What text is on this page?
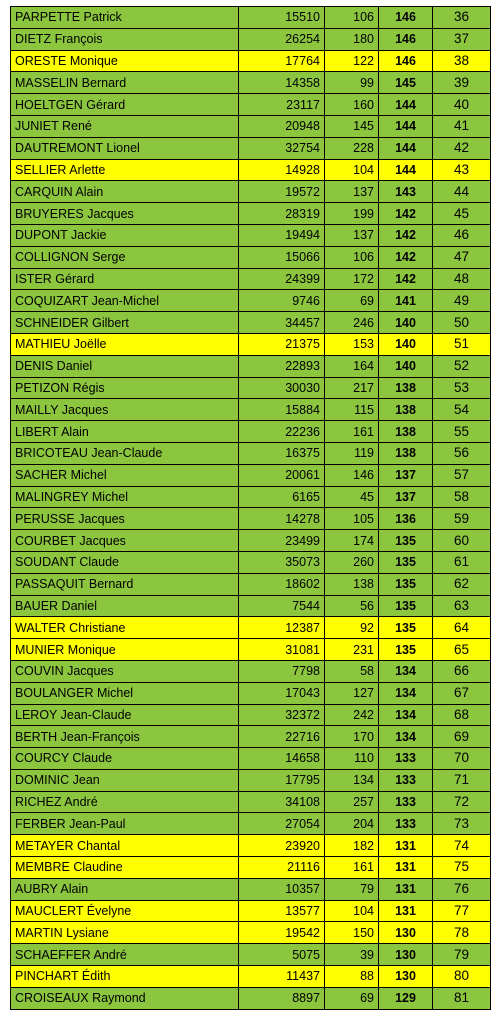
PARPETTE Patrick	15510	106	146	36
DIETZ François	26254	180	146	37
ORESTE Monique	17764	122	146	38
MASSELIN Bernard	14358	99	145	39
HOELTGEN Gérard	23117	160	144	40
JUNIET René	20948	145	144	41
DAUTREMONT Lionel	32754	228	144	42
SELLIER Arlette	14928	104	144	43
CARQUIN Alain	19572	137	143	44
BRUYERES Jacques	28319	199	142	45
DUPONT Jackie	19494	137	142	46
COLLIGNON Serge	15066	106	142	47
ISTER Gérard	24399	172	142	48
COQUIZART Jean-Michel	9746	69	141	49
SCHNEIDER Gilbert	34457	246	140	50
MATHIEU Joëlle	21375	153	140	51
DENIS Daniel	22893	164	140	52
PETIZON Régis	30030	217	138	53
MAILLY Jacques	15884	115	138	54
LIBERT Alain	22236	161	138	55
BRICOTEAU Jean-Claude	16375	119	138	56
SACHER Michel	20061	146	137	57
MALINGREY Michel	6165	45	137	58
PERUSSE Jacques	14278	105	136	59
COURBET Jacques	23499	174	135	60
SOUDANT Claude	35073	260	135	61
PASSAQUIT Bernard	18602	138	135	62
BAUER Daniel	7544	56	135	63
WALTER Christiane	12387	92	135	64
MUNIER Monique	31081	231	135	65
COUVIN Jacques	7798	58	134	66
BOULANGER Michel	17043	127	134	67
LEROY Jean-Claude	32372	242	134	68
BERTH Jean-François	22716	170	134	69
COURCY Claude	14658	110	133	70
DOMINIC Jean	17795	134	133	71
RICHEZ André	34108	257	133	72
FERBER Jean-Paul	27054	204	133	73
METAYER Chantal	23920	182	131	74
MEMBRE Claudine	21116	161	131	75
AUBRY Alain	10357	79	131	76
MAUCLERT Évelyne	13577	104	131	77
MARTIN Lysiane	19542	150	130	78
SCHAEFFER André	5075	39	130	79
PINCHART Édith	11437	88	130	80
CROISEAUX Raymond	8897	69	129	81
